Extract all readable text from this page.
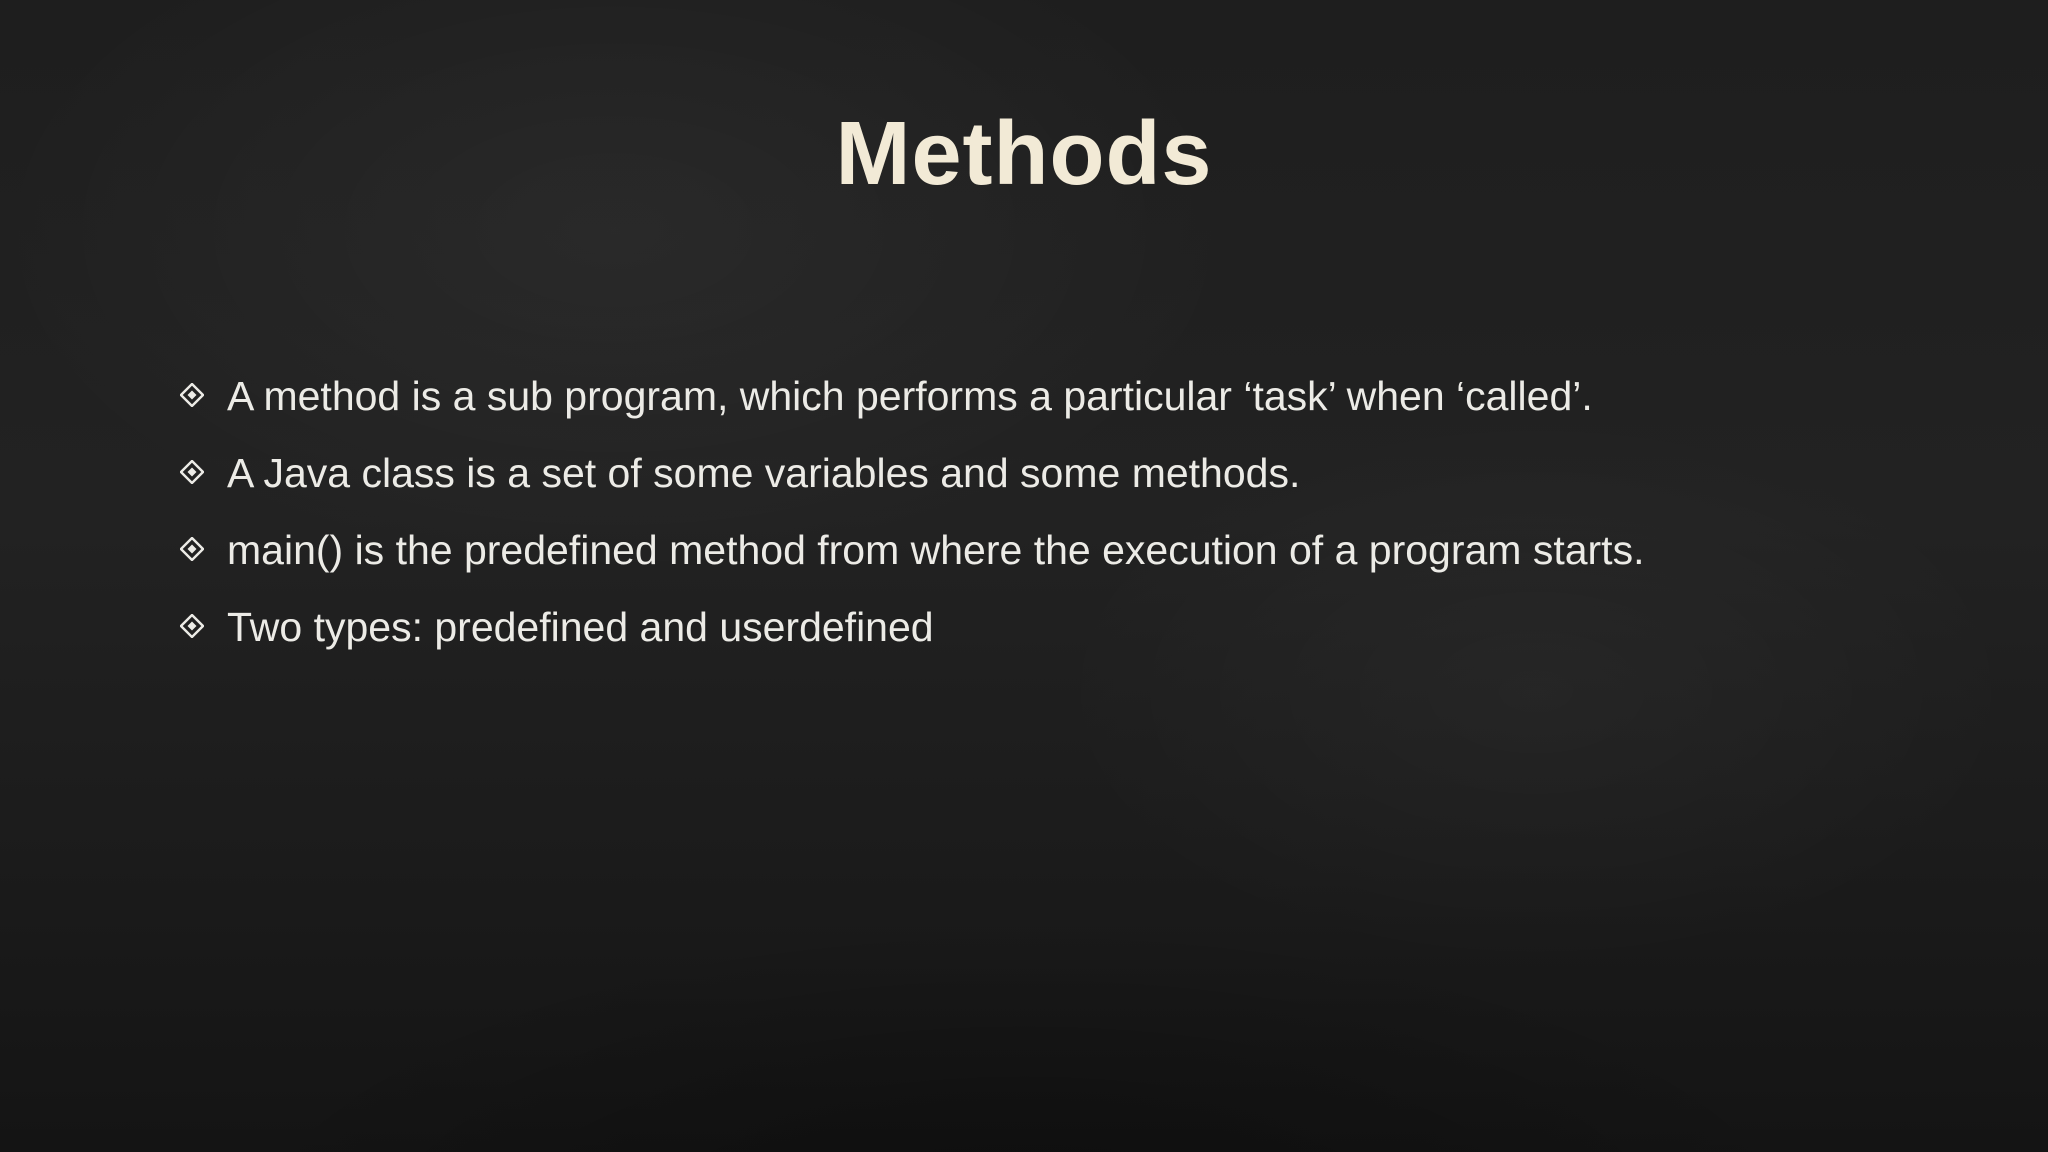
Methods
A method is a sub program, which performs a particular ‘task’ when ‘called’.
A Java class is a set of some variables and some methods.
main() is the predefined method from where the execution of a program starts.
Two types: predefined and userdefined
